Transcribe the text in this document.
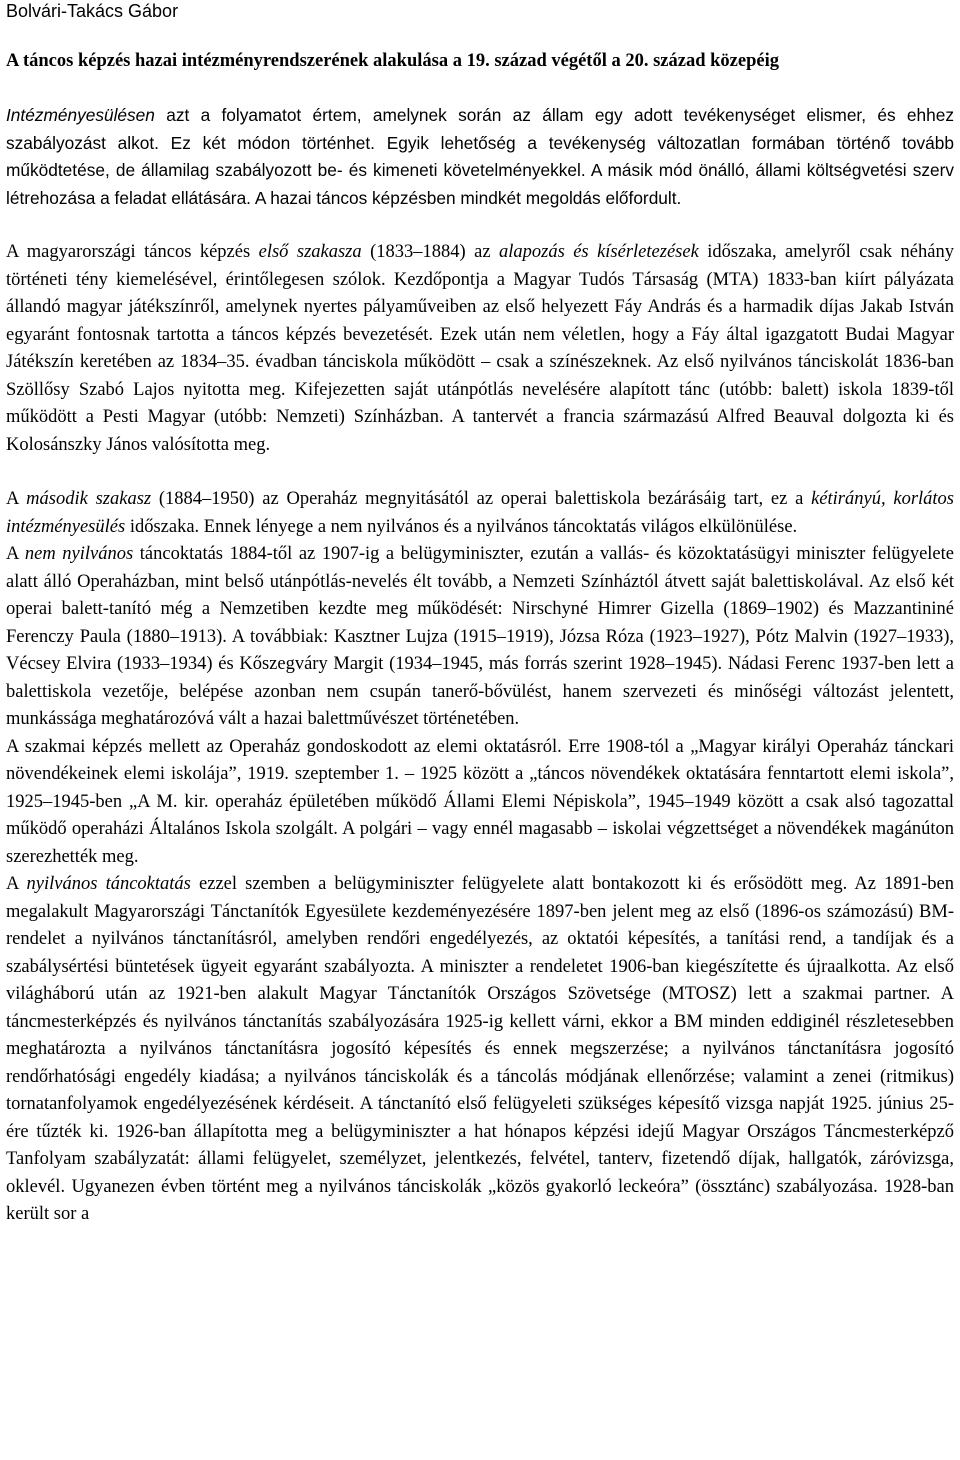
Bolvári-Takács Gábor

A táncos képzés hazai intézményrendszerének alakulása a 19. század végétől a 20. század közepéig

Intézményesülésen azt a folyamatot értem, amelynek során az állam egy adott tevékenységet elismer, és ehhez szabályozást alkot. Ez két módon történhet. Egyik lehetőség a tevékenység változatlan formában történő tovább működtetése, de államilag szabályozott be- és kimeneti követelményekkel. A másik mód önálló, állami költségvetési szerv létrehozása a feladat ellátására. A hazai táncos képzésben mindkét megoldás előfordult.

A magyarországi táncos képzés első szakasza (1833‒1884) az alapozás és kísérletezések időszaka, amelyről csak néhány történeti tény kiemelésével, érintőlegesen szólok. Kezdőpontja a Magyar Tudós Társaság (MTA) 1833-ban kiírt pályázata állandó magyar játékszínről, amelynek nyertes pályaműveiben az első helyezett Fáy András és a harmadik díjas Jakab István egyaránt fontosnak tartotta a táncos képzés bevezetését. Ezek után nem véletlen, hogy a Fáy által igazgatott Budai Magyar Játékszín keretében az 1834‒35. évadban tánciskola működött ‒ csak a színészeknek. Az első nyilvános tánciskolát 1836-ban Szöllősy Szabó Lajos nyitotta meg. Kifejezetten saját utánpótlás nevelésére alapított tánc (utóbb: balett) iskola 1839-től működött a Pesti Magyar (utóbb: Nemzeti) Színházban. A tantervét a francia származású Alfred Beauval dolgozta ki és Kolosánszky János valósította meg.

A második szakasz (1884‒1950) az Operaház megnyitásától az operai balettiskola bezárásáig tart, ez a kétirányú, korlátos intézményesülés időszaka. Ennek lényege a nem nyilvános és a nyilvános táncoktatás világos elkülönülése.

A nem nyilvános táncoktatás 1884-től az 1907-ig a belügyminiszter, ezután a vallás- és közoktatásügyi miniszter felügyelete alatt álló Operaházban, mint belső utánpótlás-nevelés élt tovább, a Nemzeti Színháztól átvett saját balettiskolával. Az első két operai balett-tanító még a Nemzetiben kezdte meg működését: Nirschyné Himrer Gizella (1869‒1902) és Mazzantininé Ferenczy Paula (1880‒1913). A továbbiak: Kasztner Lujza (1915‒1919), Józsa Róza (1923‒1927), Pótz Malvin (1927‒1933), Vécsey Elvira (1933‒1934) és Kőszegváry Margit (1934‒1945, más forrás szerint 1928‒1945). Nádasi Ferenc 1937-ben lett a balettiskola vezetője, belépése azonban nem csupán tanerő-bővülést, hanem szervezeti és minőségi változást jelentett, munkássága meghatározóvá vált a hazai balettművészet történetében.

A szakmai képzés mellett az Operaház gondoskodott az elemi oktatásról. Erre 1908-tól a „Magyar királyi Operaház tánckari növendékeinek elemi iskolája”, 1919. szeptember 1. ‒ 1925 között a „táncos növendékek oktatására fenntartott elemi iskola”, 1925‒1945-ben „A M. kir. operaház épületében működő Állami Elemi Népiskola”, 1945‒1949 között a csak alsó tagozattal működő operaházi Általános Iskola szolgált. A polgári ‒ vagy ennél magasabb ‒ iskolai végzettséget a növendékek magánúton szerezhették meg.

A nyilvános táncoktatás ezzel szemben a belügyminiszter felügyelete alatt bontakozott ki és erősödött meg. Az 1891-ben megalakult Magyarországi Tánctanítók Egyesülete kezdeményezésére 1897-ben jelent meg az első (1896-os számozású) BM-rendelet a nyilvános tánctanításról, amelyben rendőri engedélyezés, az oktatói képesítés, a tanítási rend, a tandíjak és a szabálysértési büntetések ügyeit egyaránt szabályozta. A miniszter a rendeletet 1906-ban kiegészítette és újraalkotta. Az első világháború után az 1921-ben alakult Magyar Tánctanítók Országos Szövetsége (MTOSZ) lett a szakmai partner. A táncmesterképzés és nyilvános tánctanítás szabályozására 1925-ig kellett várni, ekkor a BM minden eddiginél részletesebben meghatározta a nyilvános tánctanításra jogosító képesítés és ennek megszerzése; a nyilvános tánctanításra jogosító rendőrhatósági engedély kiadása; a nyilvános tánciskolák és a táncolás módjának ellenőrzése; valamint a zenei (ritmikus) tornatanfolyamok engedélyezésének kérdéseit. A tánctanító első felügyeleti szükséges képesítő vizsga napját 1925. június 25-ére tűzték ki. 1926-ban állapította meg a belügyminiszter a hat hónapos képzési idejű Magyar Országos Táncmesterképző Tanfolyam szabályzatát: állami felügyelet, személyzet, jelentkezés, felvétel, tanterv, fizetendő díjak, hallgatók, záróvizsga, oklevél. Ugyanezen évben történt meg a nyilvános tánciskolák „közös gyakorló leckeóra” (össztánc) szabályozása. 1928-ban került sor a
